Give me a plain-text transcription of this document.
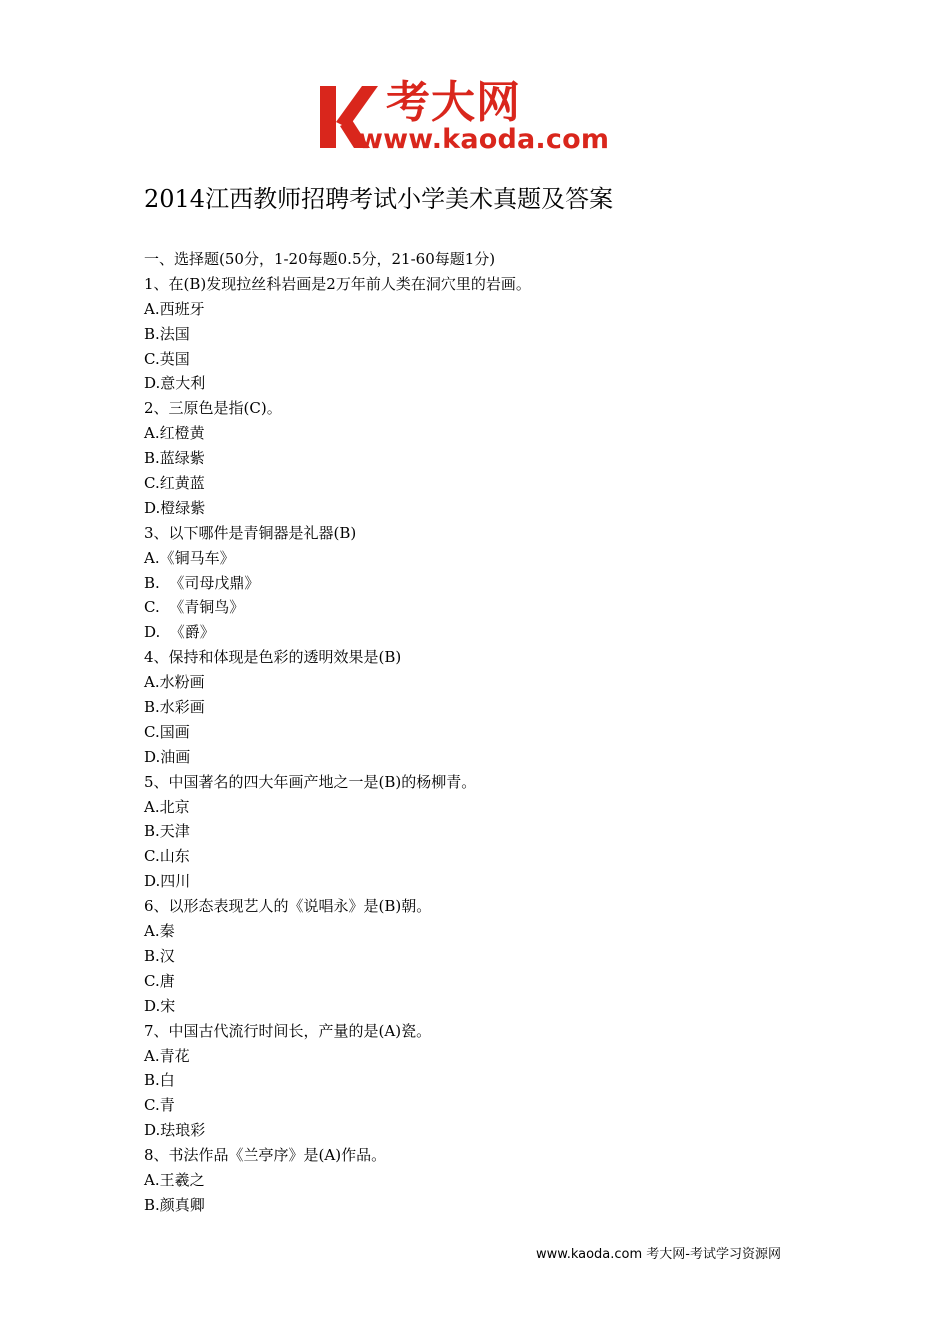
考大网
www.kaoda.com
2014江西教师招聘考试小学美术真题及答案
一、选择题(50分，1-20每题0.5分，21-60每题1分)
1、在(B)发现拉丝科岩画是2万年前人类在洞穴里的岩画。
A.西班牙
B.法国
C.英国
D.意大利
2、三原色是指(C)。
A.红橙黄
B.蓝绿紫
C.红黄蓝
D.橙绿紫
3、以下哪件是青铜器是礼器(B)
A.《铜马车》
B.  《司母戊鼎》
C.  《青铜鸟》
D.  《爵》
4、保持和体现是色彩的透明效果是(B)
A.水粉画
B.水彩画
C.国画
D.油画
5、中国著名的四大年画产地之一是(B)的杨柳青。
A.北京
B.天津
C.山东
D.四川
6、以形态表现艺人的《说唱永》是(B)朝。
A.秦
B.汉
C.唐
D.宋
7、中国古代流行时间长，产量的是(A)瓷。
A.青花
B.白
C.青
D.珐琅彩
8、书法作品《兰亭序》是(A)作品。
A.王羲之
B.颜真卿
www.kaoda.com 考大网-考试学习资源网
